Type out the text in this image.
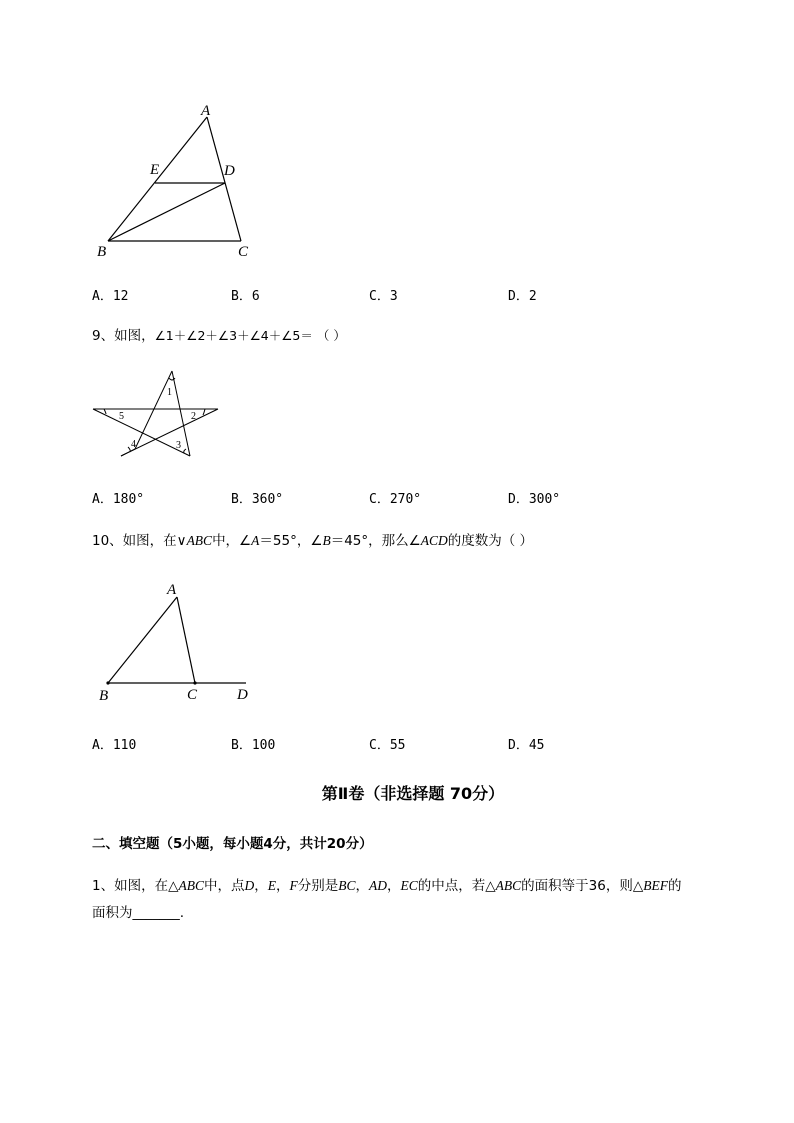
A
E	D
B	C
A．12	B．6	C．3	D．2
9、如图，∠1＋∠2＋∠3＋∠4＋∠5＝ （ ）
1
5	2
4	3
A．180°	B．360°	C．270°	D．300°
10、如图，在∨ABC中，∠A＝55°，∠B＝45°，那么∠ACD的度数为（ ）
A
B	C	D
A．110	B．100	C．55	D．45
第Ⅱ卷（非选择题 70分）
二、填空题（5小题，每小题4分，共计20分）
1、如图，在△ABC中，点D，E，F分别是BC，AD，EC的中点，若△ABC的面积等于36，则△BEF的
面积为_______.
